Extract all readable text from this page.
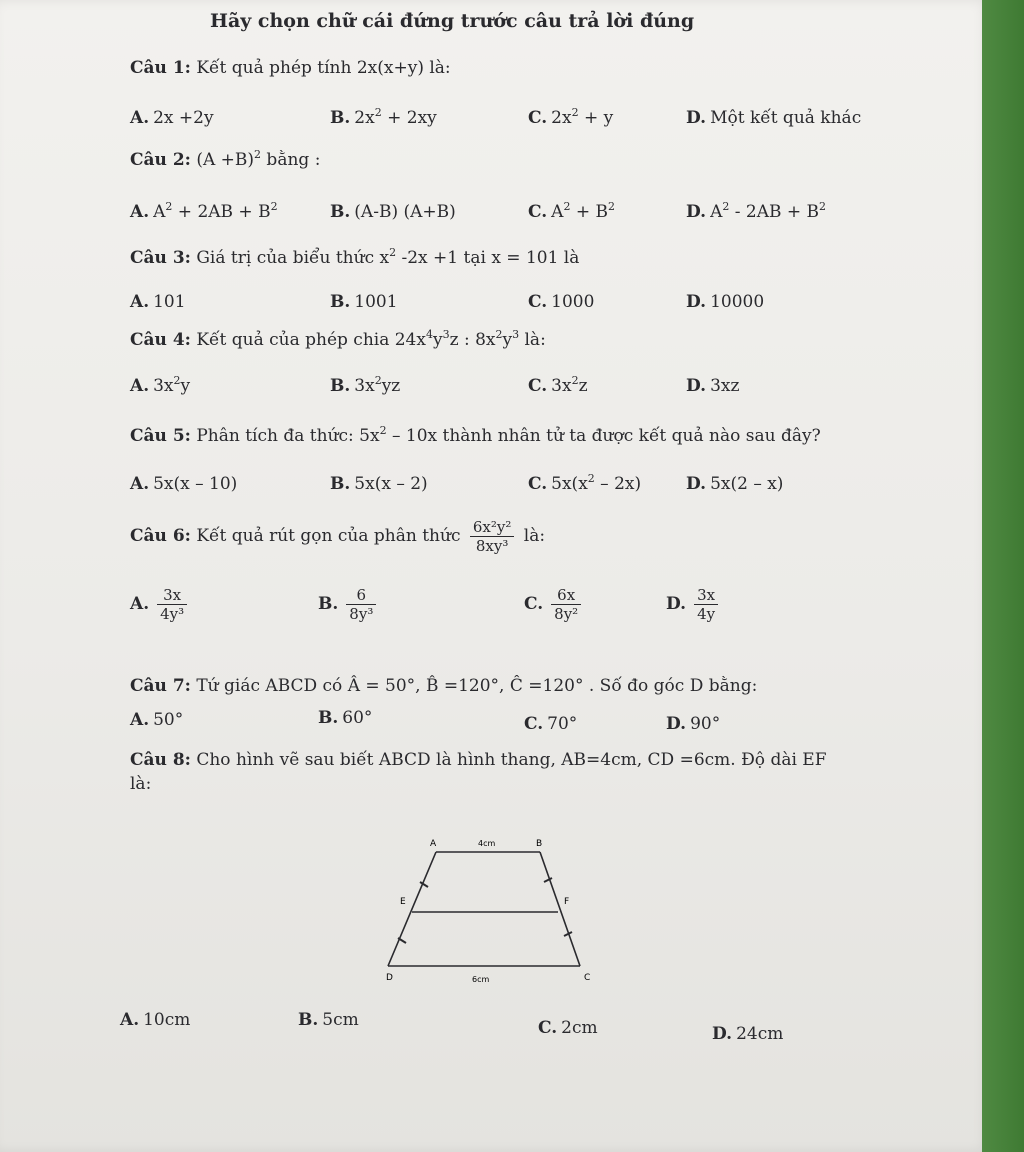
Hãy chọn chữ cái đứng trước câu trả lời đúng
Câu 1: Kết quả phép tính 2x(x+y) là:
A. 2x +2y	B. $2x^2 + 2xy$	C. $2x^2 + y$	D. Một kết quả khác
Câu 2: $(A +B)^2$ bằng :
A. $A^2 + 2AB + B^2$	B. (A-B) (A+B)	C. $A^2 + B^2$	D. $A^2 - 2AB + B^2$
Câu 3: Giá trị của biểu thức $x^2$ -2x +1 tại x = 101 là
A. 101	B. 1001	C. 1000	D. 10000
Câu 4: Kết quả của phép chia $24x^4y^3z$ : $8x^2y^3$ là:
A. $3x^2y$	B. $3x^2yz$	C. $3x^2z$	D. 3xz
Câu 5: Phân tích đa thức: $5x^2 - 10x$ thành nhân tử ta được kết quả nào sau đây?
A. 5x(x – 10)	B. 5x(x – 2)	C. $5x(x^2 - 2x)$	D. 5x(2 – x)
Câu 6: Kết quả rút gọn của phân thức $\frac{\text{6x²y²}}{\text{8xy³}}$ là:
A. $\frac{3x}{\text{4y³}}$	B. $\frac{6}{\text{8y³}}$	C. $\frac{6x}{\text{8y²}}$	D. $\frac{3x}{4y}$
Câu 7: Tứ giác ABCD có Â = 50°, B̂ =120°, Ĉ =120° . Số đo góc D bằng:
A. 50°	B. 60°	C. 70°	D. 90°
Câu 8: Cho hình vẽ sau biết ABCD là hình thang, AB=4cm, CD =6cm. Độ dài EF
là:
A	B
E	F
D	C
4cm
6cm
A. 10cm	B. 5cm	C. 2cm	D. 24cm
